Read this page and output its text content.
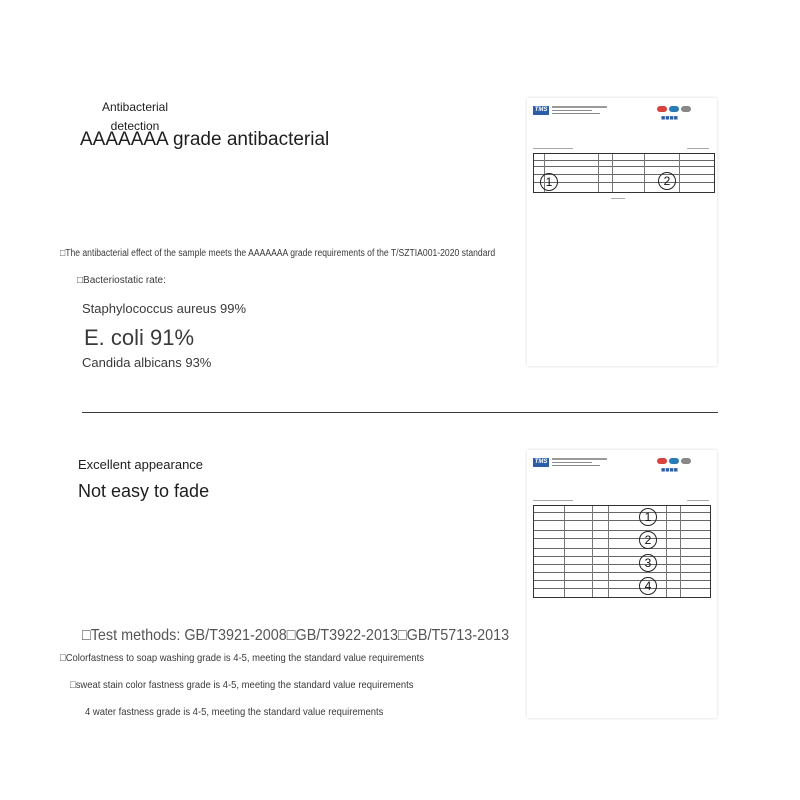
Antibacterial detection
AAAAAAA grade antibacterial
□The antibacterial effect of the sample meets the AAAAAAA grade requirements of the T/SZTIA001-2020 standard
□Bacteriostatic rate:
Staphylococcus aureus 99%
E. coli 91%
Candida albicans 93%
TMS
■■■■
1	2
Excellent appearance
Not easy to fade
□Test methods: GB/T3921-2008□GB/T3922-2013□GB/T5713-2013
□Colorfastness to soap washing grade is 4-5, meeting the standard value requirements
□sweat stain color fastness grade is 4-5, meeting the standard value requirements
4 water fastness grade is 4-5, meeting the standard value requirements
TMS
■■■■
1
2
3
4
